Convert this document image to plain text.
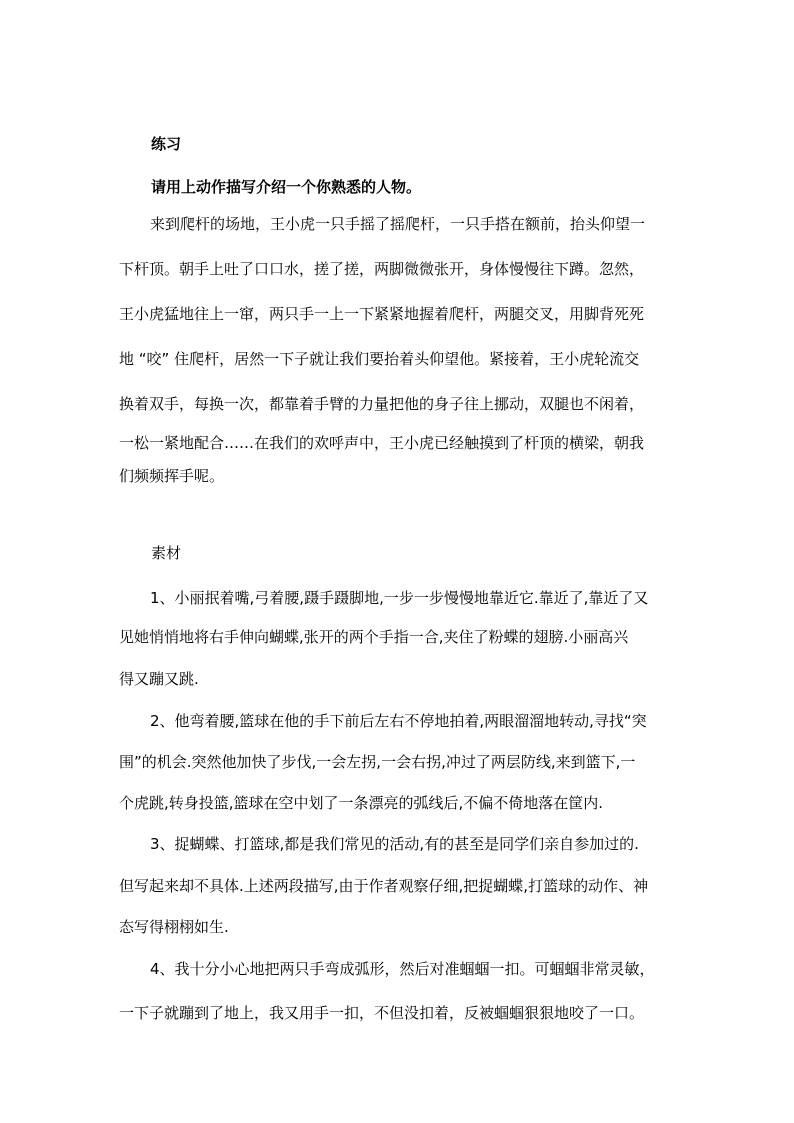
练习
请用上动作描写介绍一个你熟悉的人物。
来到爬杆的场地，王小虎一只手摇了摇爬杆，一只手搭在额前，抬头仰望一
下杆顶。朝手上吐了口口水，搓了搓，两脚微微张开，身体慢慢往下蹲。忽然，
王小虎猛地往上一窜，两只手一上一下紧紧地握着爬杆，两腿交叉，用脚背死死
地 “咬” 住爬杆，居然一下子就让我们要抬着头仰望他。紧接着，王小虎轮流交
换着双手，每换一次，都靠着手臂的力量把他的身子往上挪动，双腿也不闲着，
一松一紧地配合……在我们的欢呼声中，王小虎已经触摸到了杆顶的横梁，朝我
们频频挥手呢。
素材
1、小丽抿着嘴,弓着腰,蹑手蹑脚地,一步一步慢慢地靠近它.靠近了,靠近了又
见她悄悄地将右手伸向蝴蝶,张开的两个手指一合,夹住了粉蝶的翅膀.小丽高兴
得又蹦又跳.
2、他弯着腰,篮球在他的手下前后左右不停地拍着,两眼溜溜地转动,寻找“突
围”的机会.突然他加快了步伐,一会左拐,一会右拐,冲过了两层防线,来到篮下,一
个虎跳,转身投篮,篮球在空中划了一条漂亮的弧线后,不偏不倚地落在筐内.
3、捉蝴蝶、打篮球,都是我们常见的活动,有的甚至是同学们亲自参加过的.
但写起来却不具体.上述两段描写,由于作者观察仔细,把捉蝴蝶,打篮球的动作、神
态写得栩栩如生.
4、我十分小心地把两只手弯成弧形，然后对准蝈蝈一扣。可蝈蝈非常灵敏，
一下子就蹦到了地上，我又用手一扣，不但没扣着，反被蝈蝈狠狠地咬了一口。
